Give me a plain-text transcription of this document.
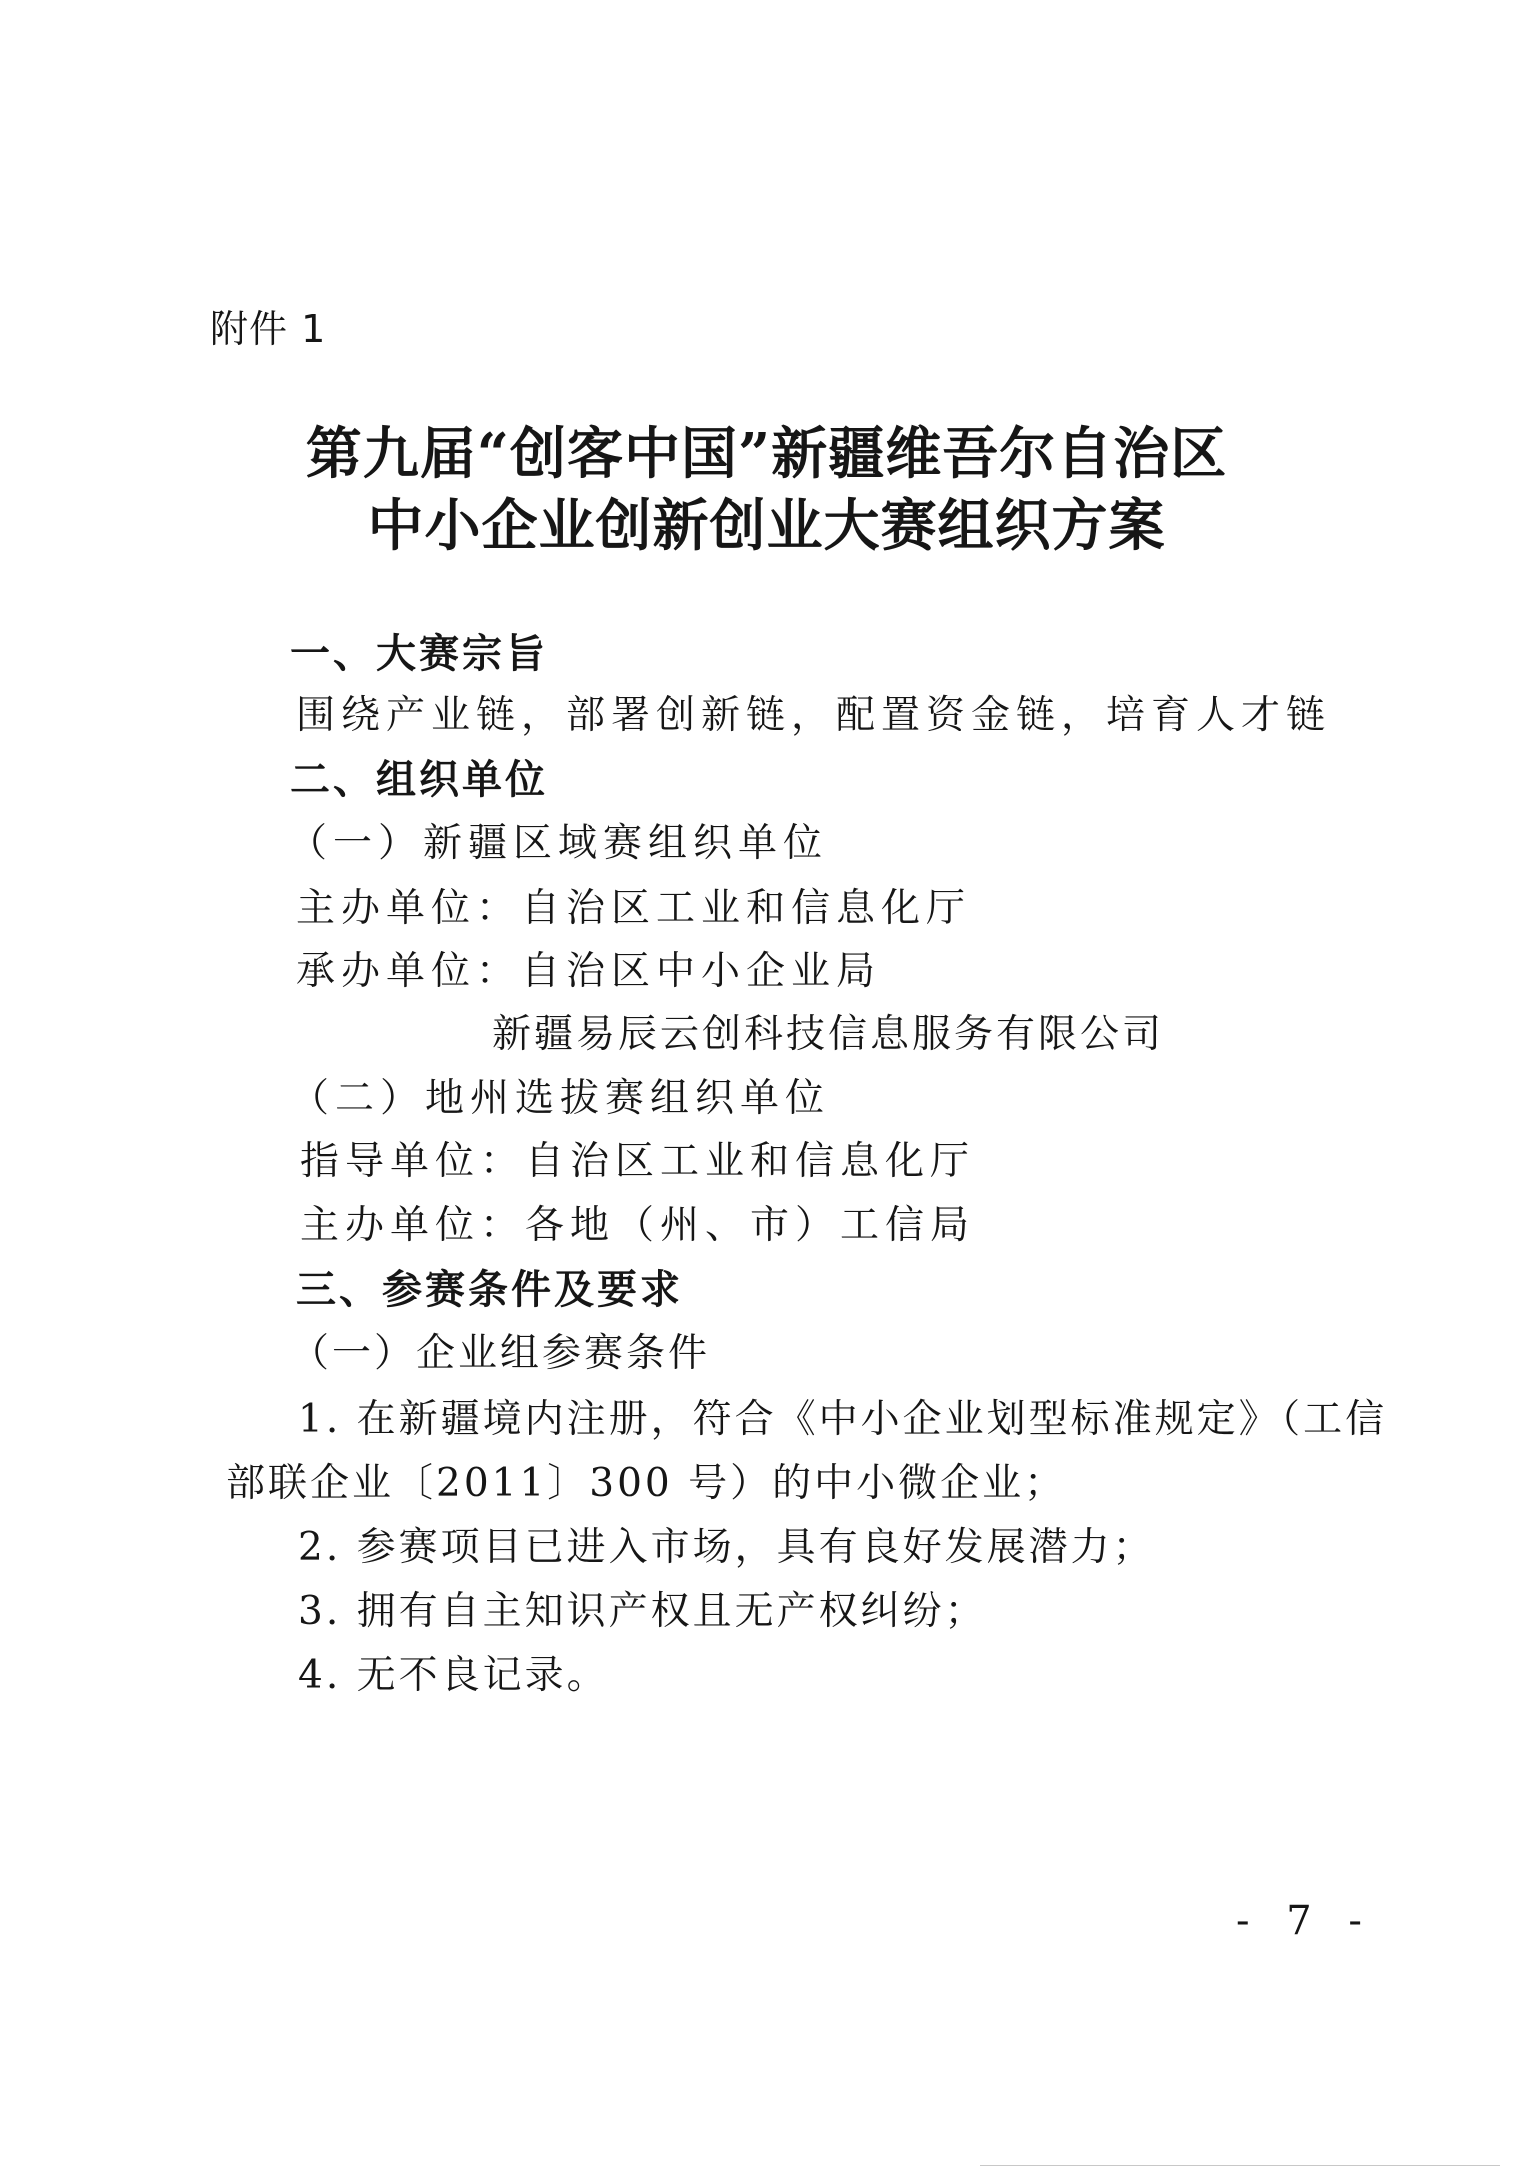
附件 1
第九届“创客中国”新疆维吾尔自治区
中小企业创新创业大赛组织方案
一、大赛宗旨
围绕产业链，部署创新链，配置资金链，培育人才链
二、组织单位
（一）新疆区域赛组织单位
主办单位：自治区工业和信息化厅
承办单位：自治区中小企业局
新疆易辰云创科技信息服务有限公司
（二）地州选拔赛组织单位
指导单位：自治区工业和信息化厅
主办单位：各地（州、市）工信局
三、参赛条件及要求
（一）企业组参赛条件
1. 在新疆境内注册，符合《中小企业划型标准规定》（工信
部联企业〔2011〕300 号）的中小微企业；
2. 参赛项目已进入市场，具有良好发展潜力；
3. 拥有自主知识产权且无产权纠纷；
4. 无不良记录。
- 7 -
